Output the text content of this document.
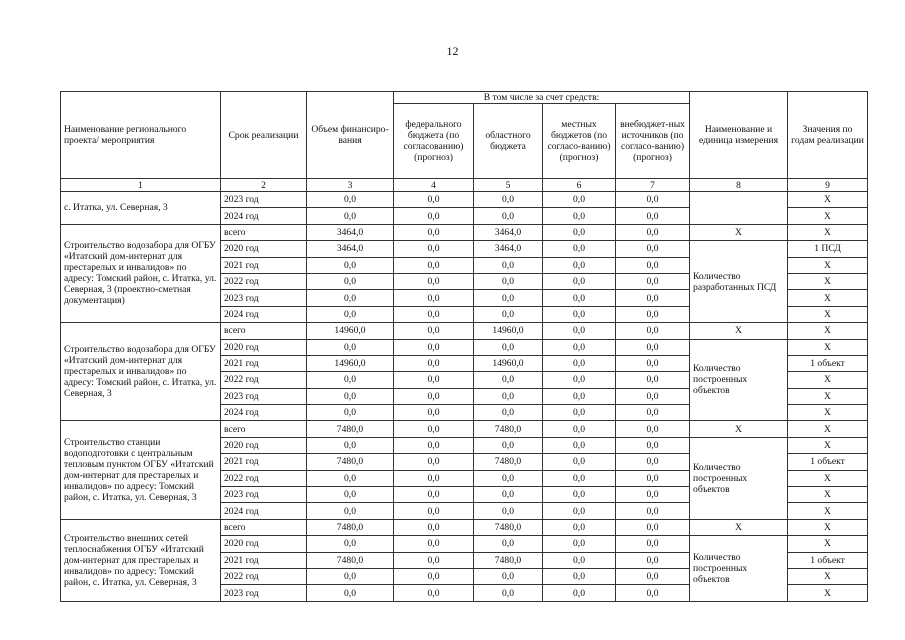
12
Наименование регионального проекта/ мероприятия	Срок реализации	Объем финансиро-вания	В том числе за счет средств:				Наименование и единица измерения	Значения по годам реализации
			федерального бюджета (по согласованию) (прогноз)	областного бюджета	местных бюджетов (по согласо-ванию) (прогноз)	внебюджет-ных источников (по согласо-ванию) (прогноз)		
1	2	3	4	5	6	7	8	9
с. Итатка, ул. Северная, 3	2023 год	0,0	0,0	0,0	0,0	0,0		Х
	2024 год	0,0	0,0	0,0	0,0	0,0		Х
Строительство водозабора для ОГБУ «Итатский дом-интернат для престарелых и инвалидов» по адресу: Томский район, с. Итатка, ул. Северная, 3 (проектно-сметная документация)	всего	3464,0	0,0	3464,0	0,0	0,0	Х	Х
	2020 год	3464,0	0,0	3464,0	0,0	0,0	Количество разработанных ПСД	1 ПСД
	2021 год	0,0	0,0	0,0	0,0	0,0		Х
	2022 год	0,0	0,0	0,0	0,0	0,0		Х
	2023 год	0,0	0,0	0,0	0,0	0,0		Х
	2024 год	0,0	0,0	0,0	0,0	0,0		Х
Строительство водозабора для ОГБУ «Итатский дом-интернат для престарелых и инвалидов» по адресу: Томский район, с. Итатка, ул. Северная, 3	всего	14960,0	0,0	14960,0	0,0	0,0	Х	Х
	2020 год	0,0	0,0	0,0	0,0	0,0	Количество построенных объектов	Х
	2021 год	14960,0	0,0	14960,0	0,0	0,0		1 объект
	2022 год	0,0	0,0	0,0	0,0	0,0		Х
	2023 год	0,0	0,0	0,0	0,0	0,0		Х
	2024 год	0,0	0,0	0,0	0,0	0,0		Х
Строительство станции водоподготовки с центральным тепловым пунктом ОГБУ «Итатский дом-интернат для престарелых и инвалидов» по адресу: Томский район, с. Итатка, ул. Северная, 3	всего	7480,0	0,0	7480,0	0,0	0,0	Х	Х
	2020 год	0,0	0,0	0,0	0,0	0,0	Количество построенных объектов	Х
	2021 год	7480,0	0,0	7480,0	0,0	0,0		1 объект
	2022 год	0,0	0,0	0,0	0,0	0,0		Х
	2023 год	0,0	0,0	0,0	0,0	0,0		Х
	2024 год	0,0	0,0	0,0	0,0	0,0		Х
Строительство внешних сетей теплоснабжения ОГБУ «Итатский дом-интернат для престарелых и инвалидов» по адресу: Томский район, с. Итатка, ул. Северная, 3	всего	7480,0	0,0	7480,0	0,0	0,0	Х	Х
	2020 год	0,0	0,0	0,0	0,0	0,0	Количество построенных объектов	Х
	2021 год	7480,0	0,0	7480,0	0,0	0,0		1 объект
	2022 год	0,0	0,0	0,0	0,0	0,0		Х
	2023 год	0,0	0,0	0,0	0,0	0,0		Х
